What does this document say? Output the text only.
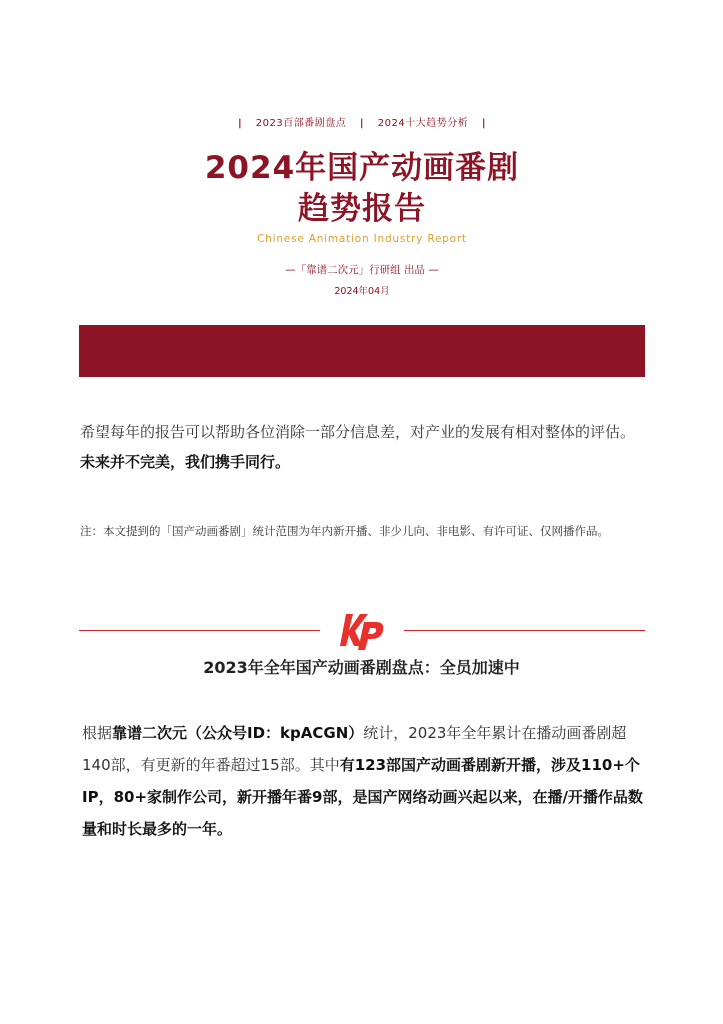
| 2023百部番剧盘点 | 2024十大趋势分析 |
2024年国产动画番剧
趋势报告
Chinese Animation Industry Report
—「靠谱二次元」行研组 出品 —
2024年04月
希望每年的报告可以帮助各位消除一部分信息差，对产业的发展有相对整体的评估。未来并不完美，我们携手同行。
注：本文提到的「国产动画番剧」统计范围为年内新开播、非少儿向、非电影、有许可证、仅网播作品。
2023年全年国产动画番剧盘点：全员加速中
根据靠谱二次元（公众号ID：kpACGN）统计，2023年全年累计在播动画番剧超140部，有更新的年番超过15部。其中有123部国产动画番剧新开播，涉及110+个IP，80+家制作公司，新开播年番9部，是国产网络动画兴起以来，在播/开播作品数量和时长最多的一年。
